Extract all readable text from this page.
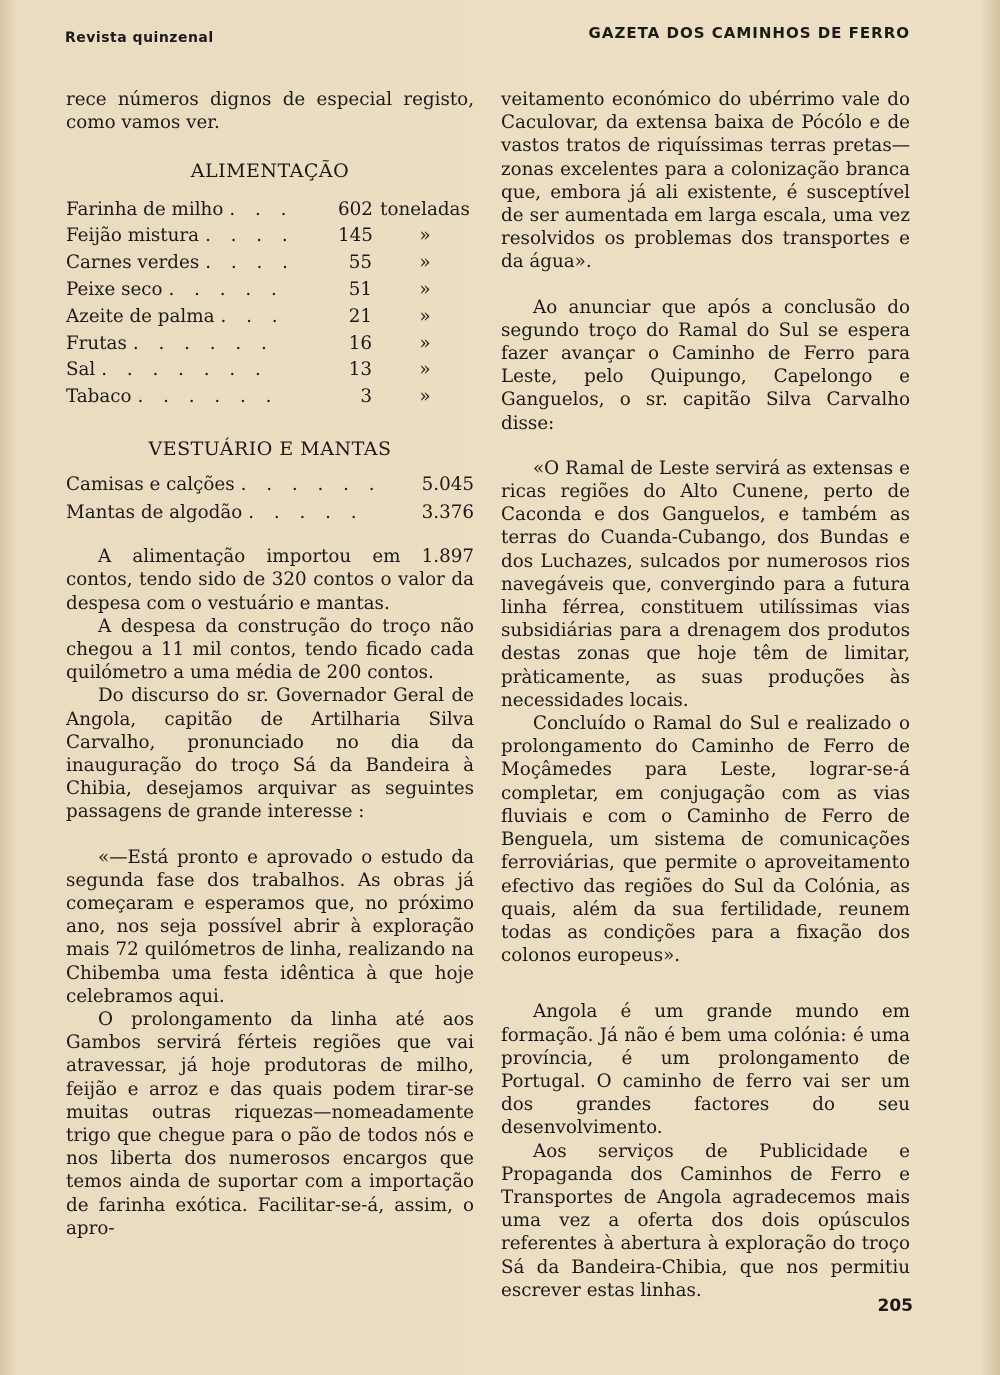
Revista quinzenal	GAZETA DOS CAMINHOS DE FERRO

rece números dignos de especial registo, como vamos ver.

ALIMENTAÇÃO

Farinha de milho . . .	602 toneladas
Feijão mistura . . . .	145	»
Carnes verdes . . . .	55	»
Peixe seco . . . . .	51	»
Azeite de palma . . .	21	»
Frutas . . . . . .	16	»
Sal . . . . . . .	13	»
Tabaco . . . . . .	3	»

VESTUÁRIO E MANTAS

Camisas e calções . . . . . .	5.045
Mantas de algodão . . . . .	3.376

A alimentação importou em 1.897 contos, tendo sido de 320 contos o valor da despesa com o vestuário e mantas.

A despesa da construção do troço não chegou a 11 mil contos, tendo ficado cada quilómetro a uma média de 200 contos.

Do discurso do sr. Governador Geral de Angola, capitão de Artilharia Silva Carvalho, pronunciado no dia da inauguração do troço Sá da Bandeira à Chibia, desejamos arquivar as seguintes passagens de grande interesse :

«—Está pronto e aprovado o estudo da segunda fase dos trabalhos. As obras já começaram e esperamos que, no próximo ano, nos seja possível abrir à exploração mais 72 quilómetros de linha, realizando na Chibemba uma festa idêntica à que hoje celebramos aqui.

O prolongamento da linha até aos Gambos servirá férteis regiões que vai atravessar, já hoje produtoras de milho, feijão e arroz e das quais podem tirar-se muitas outras riquezas—nomeadamente trigo que chegue para o pão de todos nós e nos liberta dos numerosos encargos que temos ainda de suportar com a importação de farinha exótica. Facilitar-se-á, assim, o apro-

veitamento económico do ubérrimo vale do Caculovar, da extensa baixa de Pócólo e de vastos tratos de riquíssimas terras pretas—zonas excelentes para a colonização branca que, embora já ali existente, é susceptível de ser aumentada em larga escala, uma vez resolvidos os problemas dos transportes e da água».

Ao anunciar que após a conclusão do segundo troço do Ramal do Sul se espera fazer avançar o Caminho de Ferro para Leste, pelo Quipungo, Capelongo e Ganguelos, o sr. capitão Silva Carvalho disse:

«O Ramal de Leste servirá as extensas e ricas regiões do Alto Cunene, perto de Caconda e dos Ganguelos, e também as terras do Cuanda-Cubango, dos Bundas e dos Luchazes, sulcados por numerosos rios navegáveis que, convergindo para a futura linha férrea, constituem utilíssimas vias subsidiárias para a drenagem dos produtos destas zonas que hoje têm de limitar, pràticamente, as suas produções às necessidades locais.

Concluído o Ramal do Sul e realizado o prolongamento do Caminho de Ferro de Moçâmedes para Leste, lograr-se-á completar, em conjugação com as vias fluviais e com o Caminho de Ferro de Benguela, um sistema de comunicações ferroviárias, que permite o aproveitamento efectivo das regiões do Sul da Colónia, as quais, além da sua fertilidade, reunem todas as condições para a fixação dos colonos europeus».

Angola é um grande mundo em formação. Já não é bem uma colónia: é uma província, é um prolongamento de Portugal. O caminho de ferro vai ser um dos grandes factores do seu desenvolvimento.

Aos serviços de Publicidade e Propaganda dos Caminhos de Ferro e Transportes de Angola agradecemos mais uma vez a oferta dos dois opúsculos referentes à abertura à exploração do troço Sá da Bandeira-Chibia, que nos permitiu escrever estas linhas.

205
